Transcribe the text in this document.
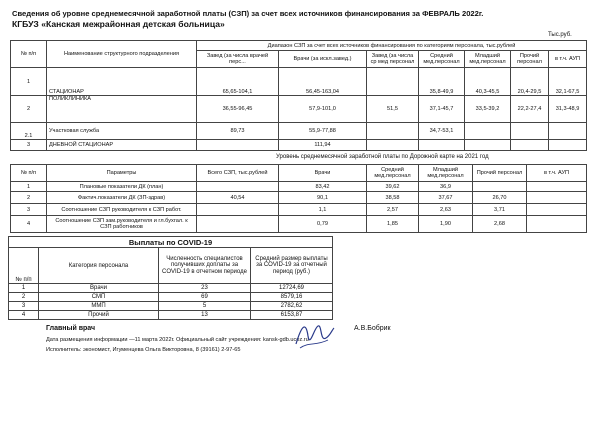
Сведения об уровне среднемесячной заработной платы (СЗП) за счет всех источников финансирования за ФЕВРАЛЬ 2022г.
КГБУЗ «Канская межрайонная детская больница»
Тыс.руб.
№ п/п	Наименование структурного подразделения	Диапазон СЗП за счет всех источников финансирования по категориям персонала, тыс.рублей						
		Завед (за числа врачей перс...	Врачи (за искл.завед.)	Завед (за числа ср мед персонал	Средний мед.персонал	Младший мед.персонал	Прочий персонал	в т.ч. АУП
1	СТАЦИОНАР	65,65-104,1	56,45-163,04		35,8-49,9	40,3-45,5	20,4-29,5	32,1-67,5
2	ПОЛИКЛИНИКА	36,55-96,45	57,9-101,0	51,5	37,1-45,7	33,5-39,2	22,2-27,4	31,3-48,9
2.1	Участковая служба	89,73	55,9-77,88		34,7-53,1			
3	ДНЕВНОЙ СТАЦИОНАР		111,94					
Уровень среднемесячной заработной платы по Дорожной карте на 2021 год
№ п/п	Параметры	Всего СЗП, тыс.рублей	Врачи	Средний мед.персонал	Младший мед.персонал	Прочий персонал	в т.ч. АУП
1	Плановые показатели ДК (план)		83,42	39,62	36,9		
2	Фактич.показатели ДК (ЗП-здрав)	40,54	90,1	38,58	37,67	26,70	
3	Соотношение СЗП руководителя к СЗП работ.		1,1	2,57	2,63	3,71	
4	Соотношение СЗП зам.руководителя и гл.бухгал. к СЗП работников		0,79	1,85	1,90	2,68	
Выплаты по COVID-19			
№ п/п	Категория персонала	Численность специалистов получивших доплаты за COVID-19 в отчетном периоде	Средний размер выплаты за COVID-19 за отчетный период (руб.)
1	Врачи	23	12724,69
2	СМП	69	8579,16
3	ММП	5	2782,62
4	Прочий	13	6153,87
Главный врач	А.В.Бобрик
Дата размещения информации —11 марта 2022г. Официальный сайт учреждения: kansk-gdb.ucoz.ru
Исполнитель: экономист, Игуменцева Ольга Викторовна, 8 (39161) 2-97-65
